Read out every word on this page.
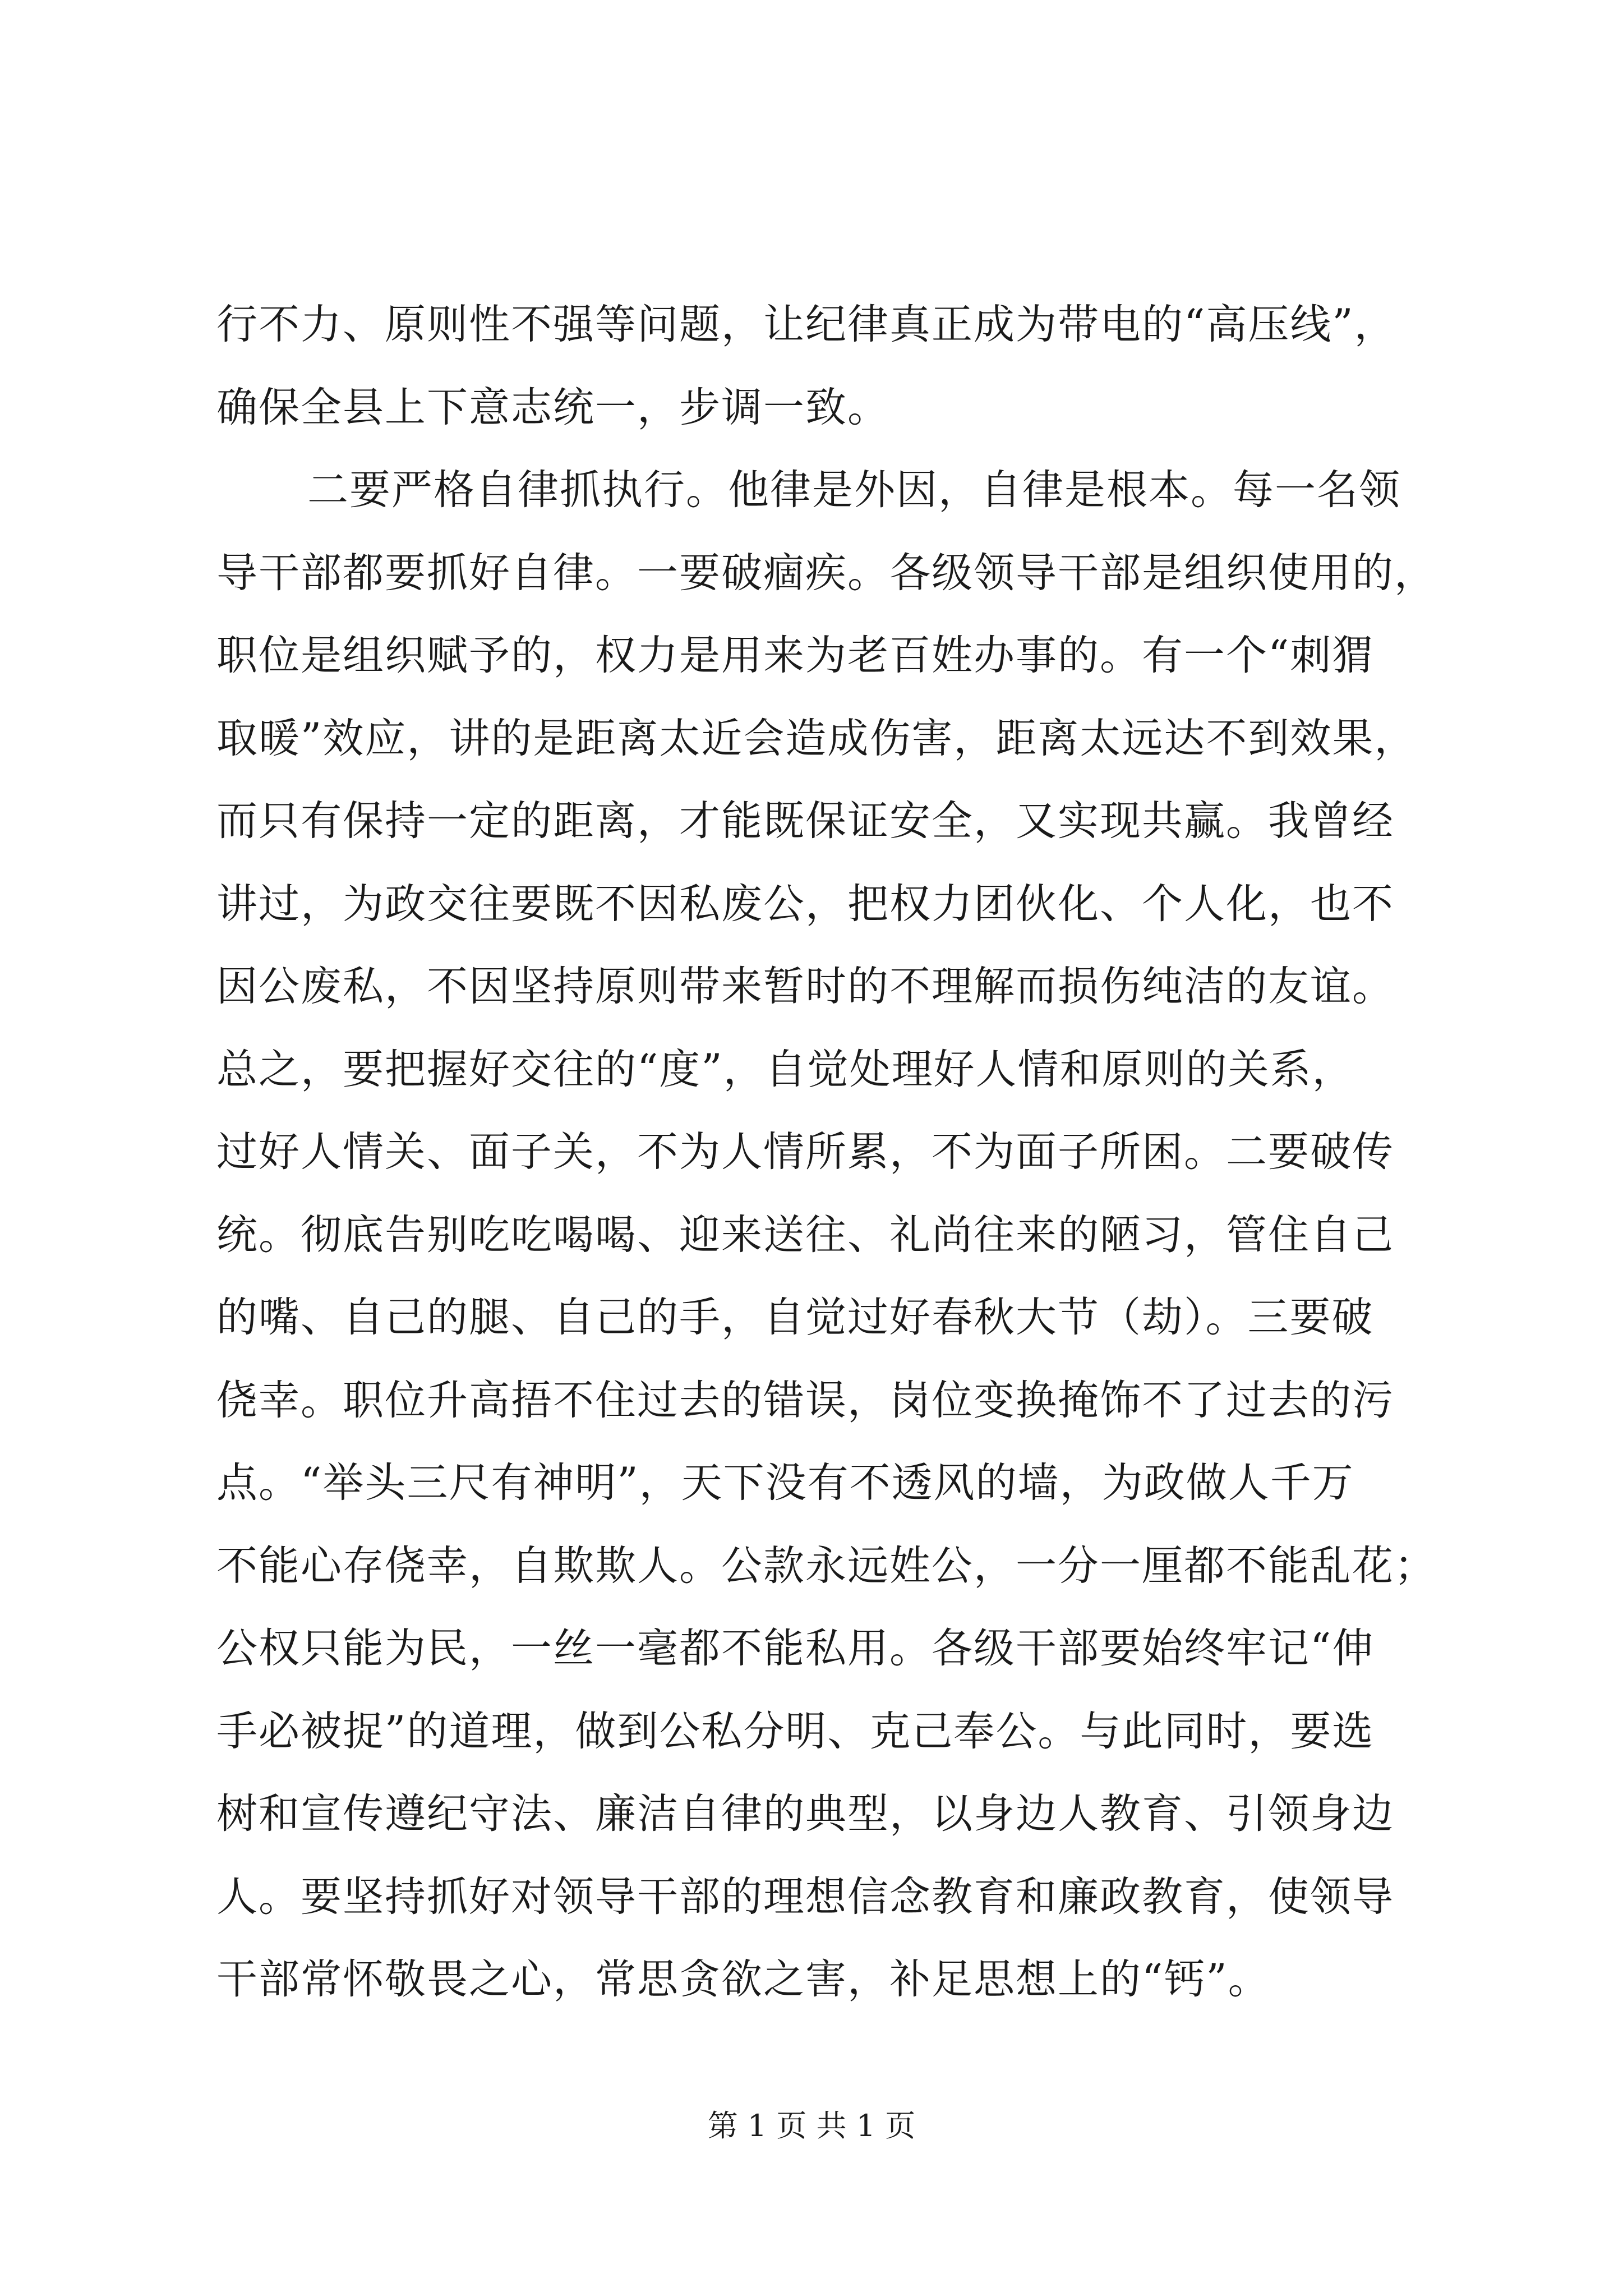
行不力、原则性不强等问题，让纪律真正成为带电的“高压线”，
确保全县上下意志统一，步调一致。
二要严格自律抓执行。他律是外因，自律是根本。每一名领
导干部都要抓好自律。一要破痼疾。各级领导干部是组织使用的，
职位是组织赋予的，权力是用来为老百姓办事的。有一个“刺猬
取暖”效应，讲的是距离太近会造成伤害，距离太远达不到效果，
而只有保持一定的距离，才能既保证安全，又实现共赢。我曾经
讲过，为政交往要既不因私废公，把权力团伙化、个人化，也不
因公废私，不因坚持原则带来暂时的不理解而损伤纯洁的友谊。
总之，要把握好交往的“度”，自觉处理好人情和原则的关系，
过好人情关、面子关，不为人情所累，不为面子所困。二要破传
统。彻底告别吃吃喝喝、迎来送往、礼尚往来的陋习，管住自己
的嘴、自己的腿、自己的手，自觉过好春秋大节（劫）。三要破
侥幸。职位升高捂不住过去的错误，岗位变换掩饰不了过去的污
点。“举头三尺有神明”，天下没有不透风的墙，为政做人千万
不能心存侥幸，自欺欺人。公款永远姓公，一分一厘都不能乱花；
公权只能为民，一丝一毫都不能私用。各级干部要始终牢记“伸
手必被捉”的道理，做到公私分明、克己奉公。与此同时，要选
树和宣传遵纪守法、廉洁自律的典型，以身边人教育、引领身边
人。要坚持抓好对领导干部的理想信念教育和廉政教育，使领导
干部常怀敬畏之心，常思贪欲之害，补足思想上的“钙”。
第 1 页 共 1 页
